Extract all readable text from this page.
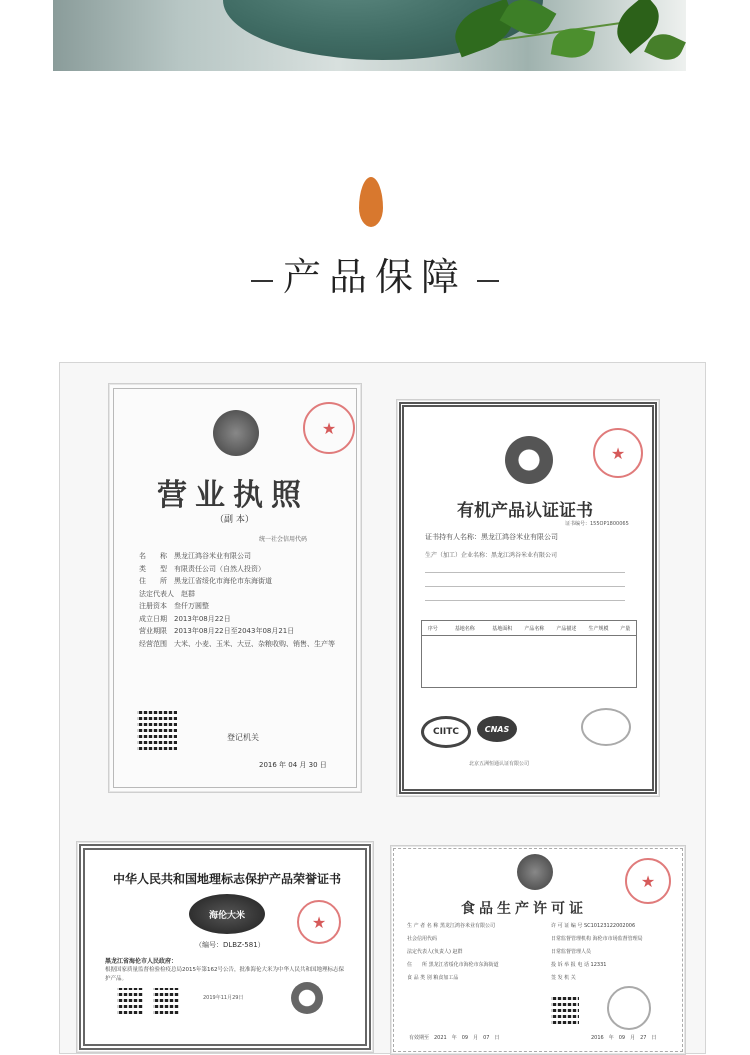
产品保障
★
营业执照
（副 本）
统一社会信用代码
名　　称　 黑龙江鸿谷米业有限公司
类　　型　 有限责任公司（自然人投资）
住　　所　 黑龙江省绥化市海伦市东海街道
法定代表人　 赵群
注册资本　 叁仟万圆整
成立日期　 2013年08月22日
营业期限　 2013年08月22日至2043年08月21日
经营范围　 大米、小麦、玉米、大豆、杂粮收购、销售、生产等
登记机关
2016 年 04 月 30 日
★
有机产品认证证书
证书编号：155OP1800065
证书持有人名称：黑龙江鸿谷米业有限公司
生产（加工）企业名称：黑龙江鸿谷米业有限公司
序号	基地名称	基地面积	产品名称	产品描述	生产规模	产量
CIITC	CNAS
北京五洲恒通认证有限公司
中华人民共和国地理标志保护产品荣誉证书
海伦大米	★
（编号：DLBZ-581）
黑龙江省海伦市人民政府：
根据国家质量监督检验检疫总局2015年第162号公告，批准海伦大米为中华人民共和国地理标志保护产品。
2019年11月29日
★
食品生产许可证
生 产 者 名 称 黑龙江鸿谷米业有限公司
社会信用代码
法定代表人(负责人) 赵群
住　　所 黑龙江省绥化市海伦市东海街道
食 品 类 别 粮食加工品
许 可 证 编 号 SC10123122002006
日常监督管理机构 海伦市市场监督管理局
日常监督管理人员
投 诉 举 报 电 话 12331
签 发 机 关
有效期至　2021　年　09　月　07　日	2016　年　09　月　27　日
